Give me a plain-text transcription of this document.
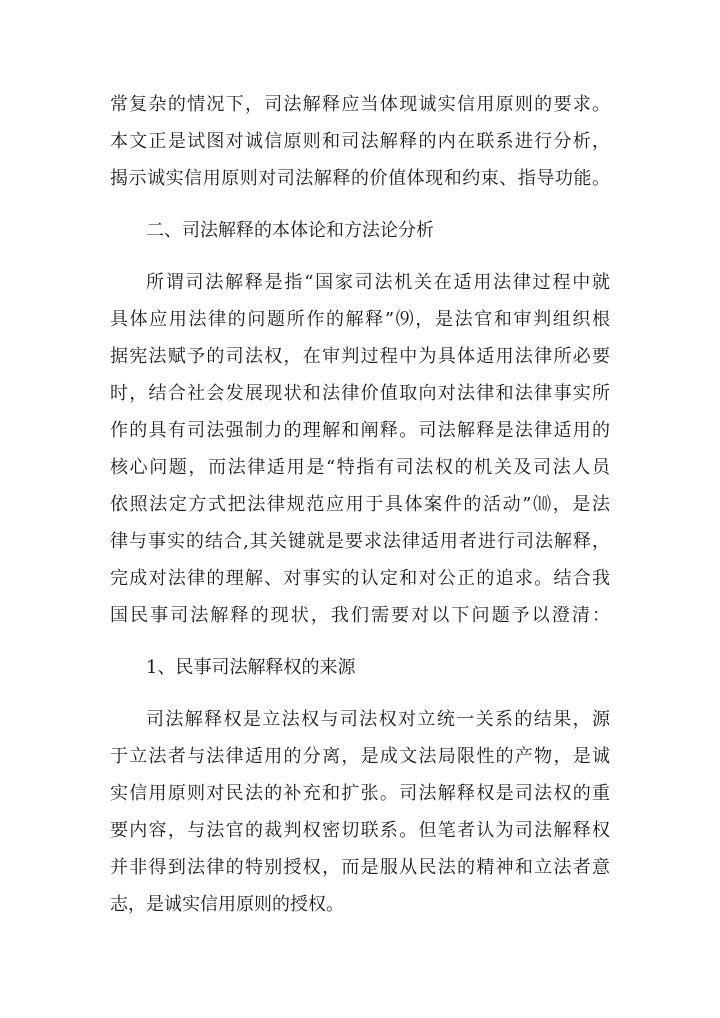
常复杂的情况下，司法解释应当体现诚实信用原则的要求。
本文正是试图对诚信原则和司法解释的内在联系进行分析，
揭示诚实信用原则对司法解释的价值体现和约束、指导功能。
二、司法解释的本体论和方法论分析
所谓司法解释是指“国家司法机关在适用法律过程中就
具体应用法律的问题所作的解释”⑼，是法官和审判组织根
据宪法赋予的司法权，在审判过程中为具体适用法律所必要
时，结合社会发展现状和法律价值取向对法律和法律事实所
作的具有司法强制力的理解和阐释。司法解释是法律适用的
核心问题，而法律适用是“特指有司法权的机关及司法人员
依照法定方式把法律规范应用于具体案件的活动”⑽，是法
律与事实的结合,其关键就是要求法律适用者进行司法解释，
完成对法律的理解、对事实的认定和对公正的追求。结合我
国民事司法解释的现状，我们需要对以下问题予以澄清：
1、民事司法解释权的来源
司法解释权是立法权与司法权对立统一关系的结果，源
于立法者与法律适用的分离，是成文法局限性的产物，是诚
实信用原则对民法的补充和扩张。司法解释权是司法权的重
要内容，与法官的裁判权密切联系。但笔者认为司法解释权
并非得到法律的特别授权，而是服从民法的精神和立法者意
志，是诚实信用原则的授权。
